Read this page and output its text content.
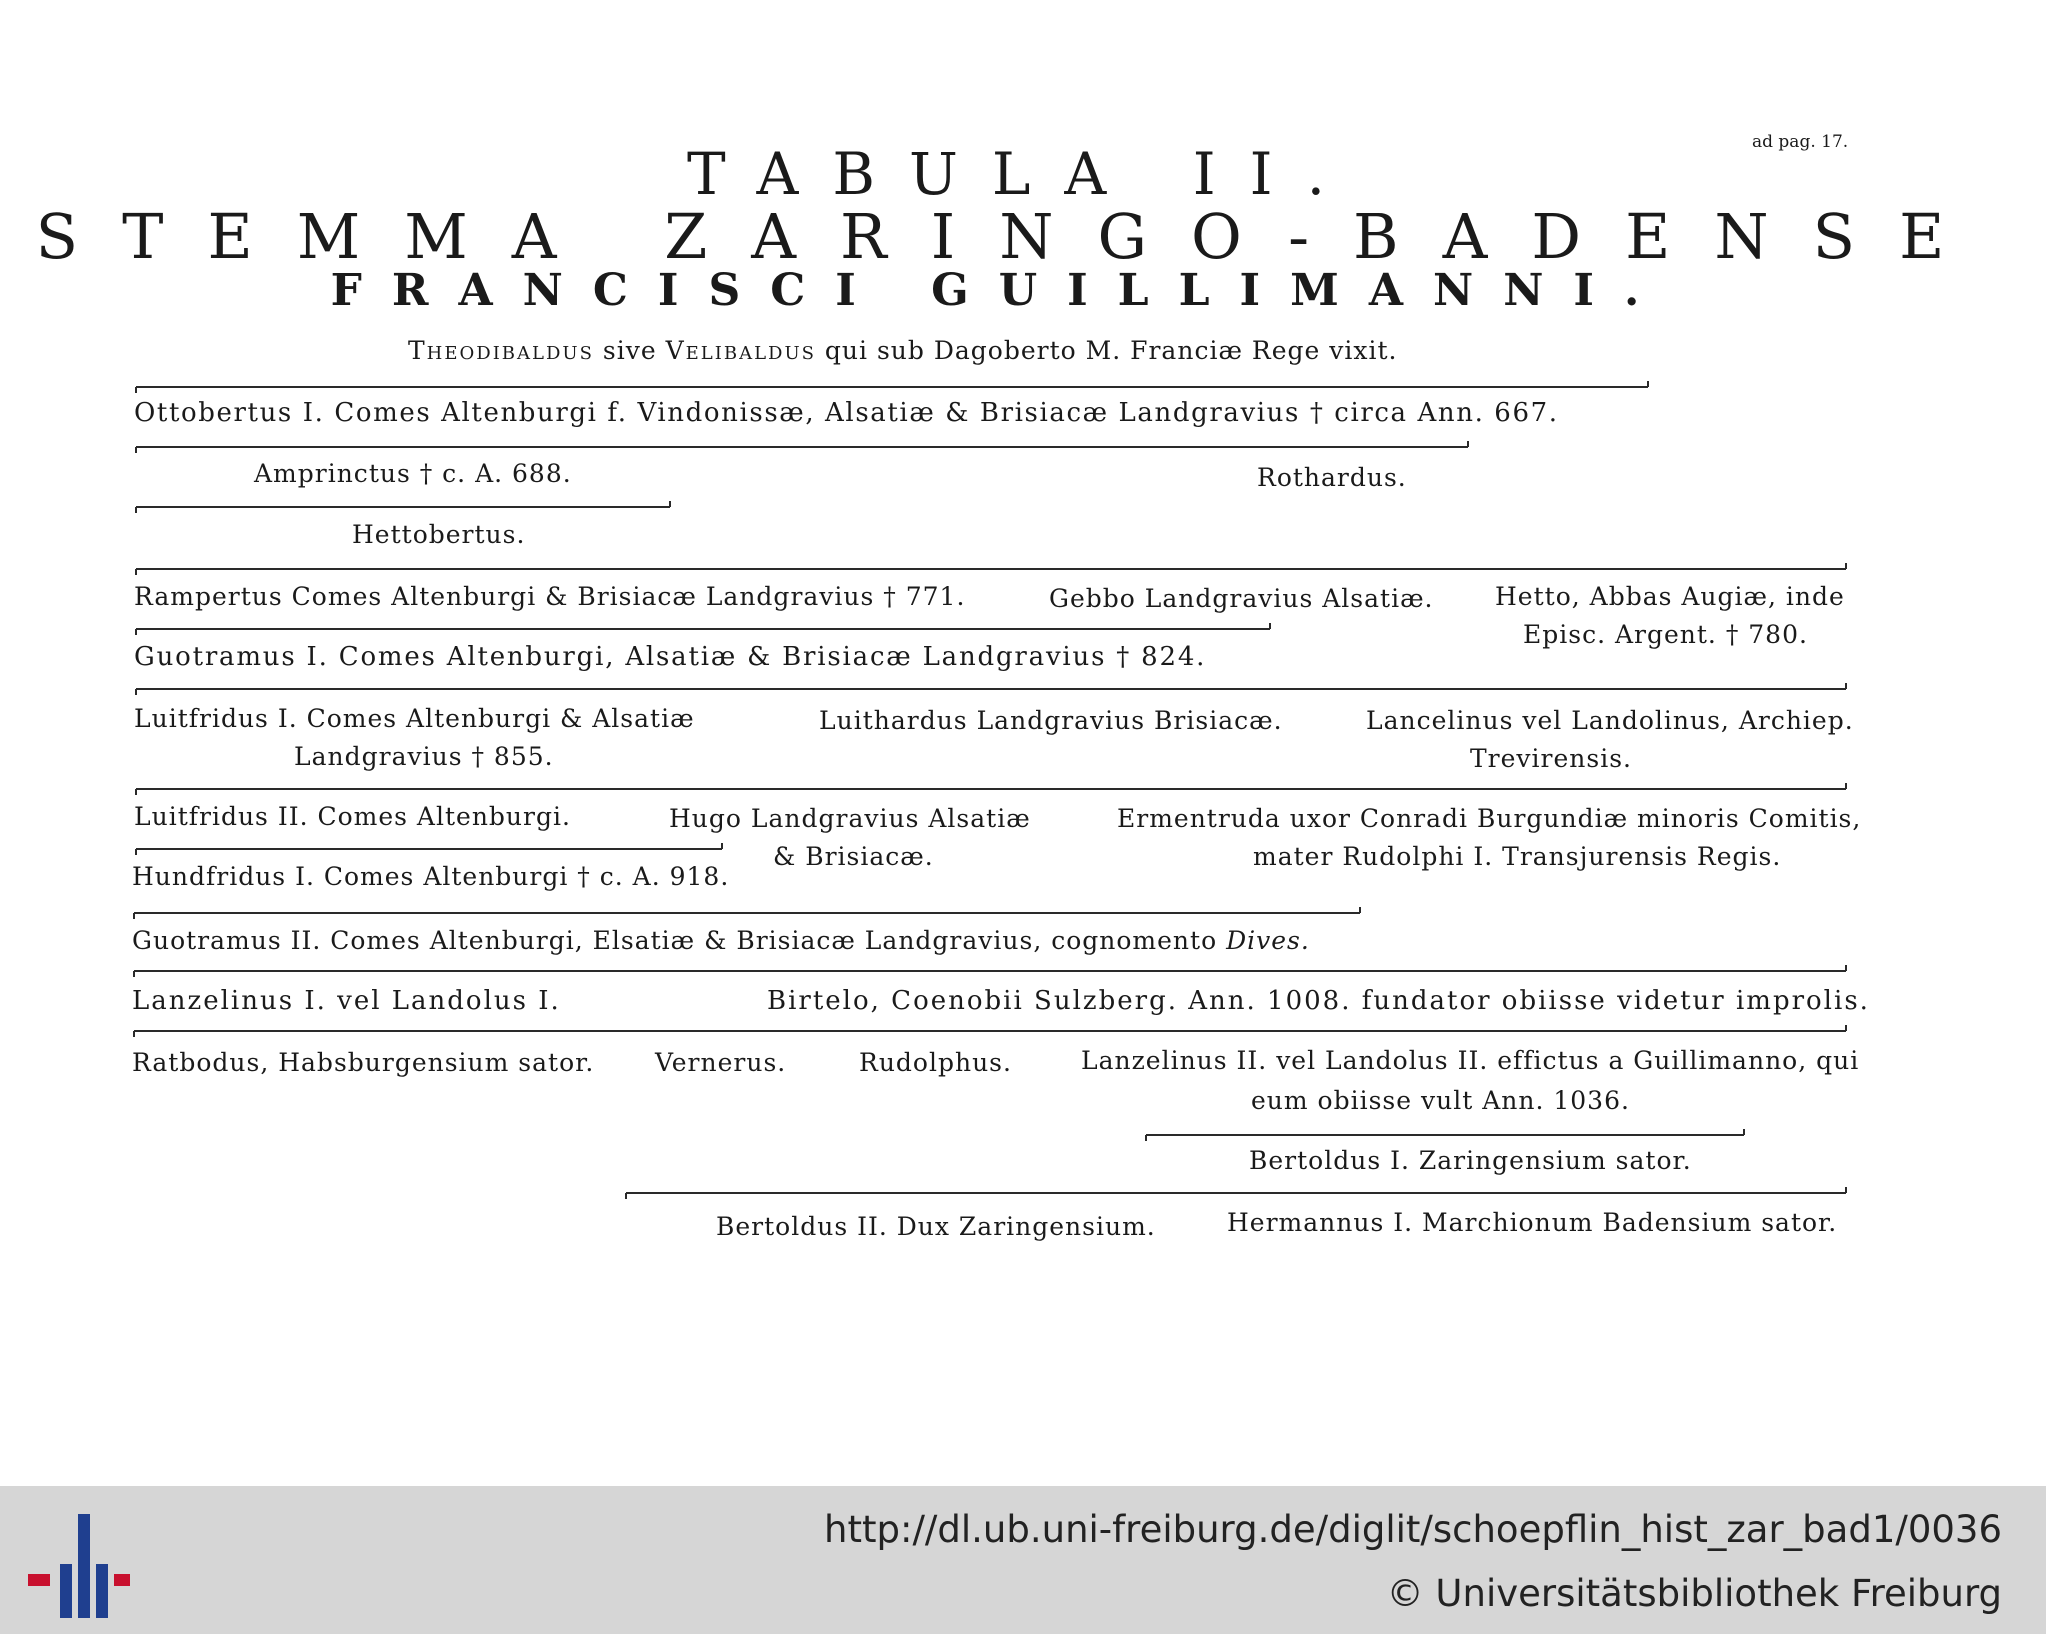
ad pag. 17.
TABULA II.
STEMMA ZARINGO-BADENSE
FRANCISCI GUILLIMANNI.
Theodibaldus sive Velibaldus qui sub Dagoberto M. Franciæ Rege vixit.
Ottobertus I. Comes Altenburgi f. Vindonissæ, Alsatiæ & Brisiacæ Landgravius † circa Ann. 667.
Amprinctus † c. A. 688.	Rothardus.
Hettobertus.
Rampertus Comes Altenburgi & Brisiacæ Landgravius † 771.	Gebbo Landgravius Alsatiæ. Hetto, Abbas Augiæ, inde
Episc. Argent. † 780.
Guotramus I. Comes Altenburgi, Alsatiæ & Brisiacæ Landgravius † 824.
Luitfridus I. Comes Altenburgi & Alsatiæ
Landgravius † 855.
Luithardus Landgravius Brisiacæ.	Lancelinus vel Landolinus, Archiep.
Trevirensis.
Luitfridus II. Comes Altenburgi.	Hugo Landgravius Alsatiæ
& Brisiacæ.
Ermentruda uxor Conradi Burgundiæ minoris Comitis,
mater Rudolphi I. Transjurensis Regis.
Hundfridus I. Comes Altenburgi † c. A. 918.
Guotramus II. Comes Altenburgi, Elsatiæ & Brisiacæ Landgravius, cognomento Dives.
Lanzelinus I. vel Landolus I.	Birtelo, Coenobii Sulzberg. Ann. 1008. fundator obiisse videtur improlis.
Ratbodus, Habsburgensium sator. Vernerus.	Rudolphus.	Lanzelinus II. vel Landolus II. effictus a Guillimanno, qui
eum obiisse vult Ann. 1036.
Bertoldus I. Zaringensium sator.
Bertoldus II. Dux Zaringensium.	Hermannus I. Marchionum Badensium sator.
http://dl.ub.uni-freiburg.de/diglit/schoepflin_hist_zar_bad1/0036
© Universitätsbibliothek Freiburg
